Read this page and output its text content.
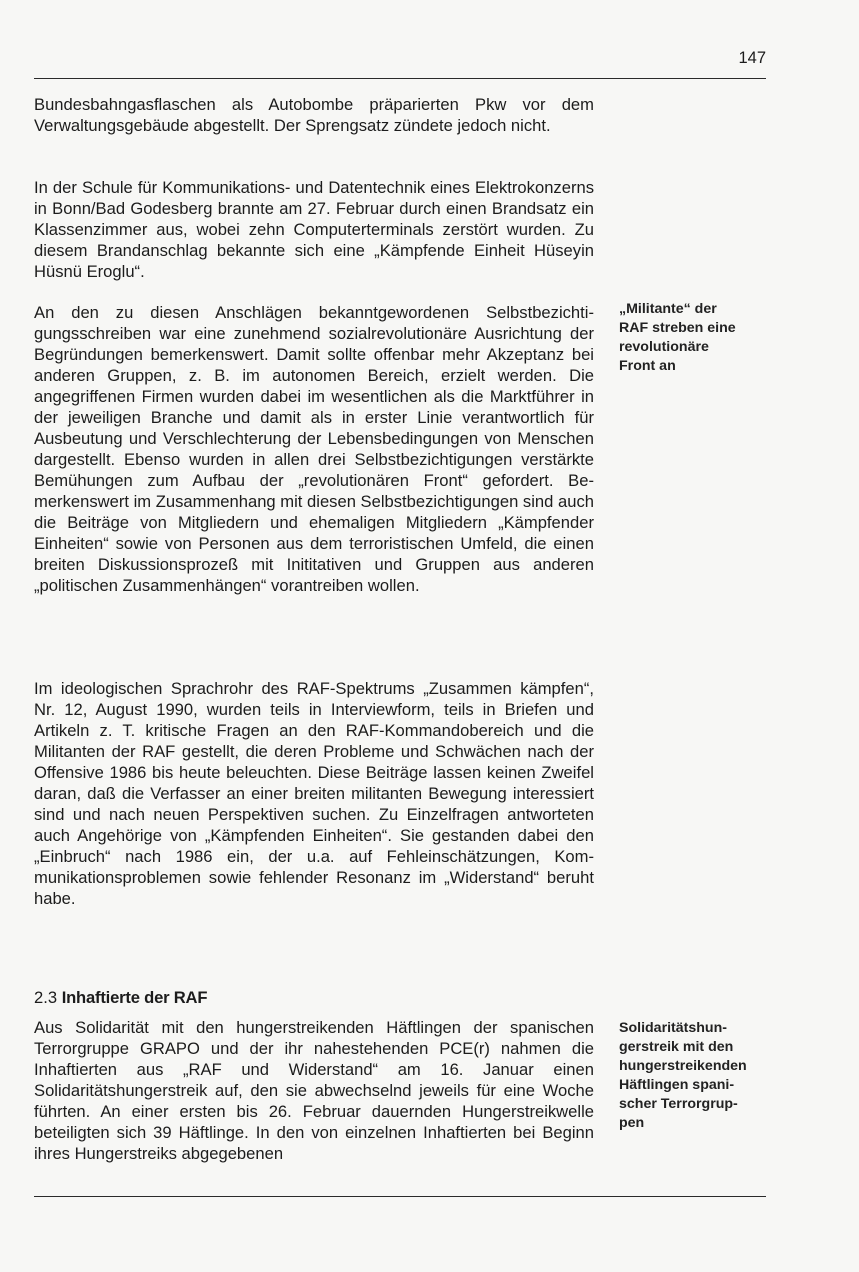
147

Bundesbahngasflaschen als Autobombe präparierten Pkw vor dem Verwaltungsgebäude abgestellt. Der Sprengsatz zündete jedoch nicht.

In der Schule für Kommunikations- und Datentechnik eines Elektrokonzerns in Bonn/Bad Godesberg brannte am 27. Februar durch einen Brandsatz ein Klassenzimmer aus, wobei zehn Computerterminals zerstört wurden. Zu diesem Brandanschlag bekannte sich eine „Kämpfende Einheit Hüseyin Hüsnü Eroglu“.

An den zu diesen Anschlägen bekanntgewordenen Selbstbezichtigungsschreiben war eine zunehmend sozialrevolutionäre Ausrichtung der Begründungen bemerkenswert. Damit sollte offenbar mehr Akzeptanz bei anderen Gruppen, z. B. im autonomen Bereich, erzielt werden. Die angegriffenen Firmen wurden dabei im wesentlichen als die Marktführer in der jeweiligen Branche und damit als in erster Linie verantwortlich für Ausbeutung und Verschlechterung der Lebensbedingungen von Menschen dargestellt. Ebenso wurden in allen drei Selbstbezichtigungen verstärkte Bemühungen zum Aufbau der „revolutionären Front“ gefordert. Bemerkenswert im Zusammenhang mit diesen Selbstbezichtigungen sind auch die Beiträge von Mitgliedern und ehemaligen Mitgliedern „Kämpfender Einheiten“ sowie von Personen aus dem terroristischen Umfeld, die einen breiten Diskussionsprozeß mit Inititativen und Gruppen aus anderen „politischen Zusammenhängen“ vorantreiben wollen.

„Militante“ der
RAF streben eine
revolutionäre
Front an

Im ideologischen Sprachrohr des RAF-Spektrums „Zusammen kämpfen“, Nr. 12, August 1990, wurden teils in Interviewform, teils in Briefen und Artikeln z. T. kritische Fragen an den RAF-Kommandobereich und die Militanten der RAF gestellt, die deren Probleme und Schwächen nach der Offensive 1986 bis heute beleuchten. Diese Beiträge lassen keinen Zweifel daran, daß die Verfasser an einer breiten militanten Bewegung interessiert sind und nach neuen Perspektiven suchen. Zu Einzelfragen antworteten auch Angehörige von „Kämpfenden Einheiten“. Sie gestanden dabei den „Einbruch“ nach 1986 ein, der u.a. auf Fehleinschätzungen, Kommunikationsproblemen sowie fehlender Resonanz im „Widerstand“ beruht habe.

2.3 Inhaftierte der RAF

Aus Solidarität mit den hungerstreikenden Häftlingen der spanischen Terrorgruppe GRAPO und der ihr nahestehenden PCE(r) nahmen die Inhaftierten aus „RAF und Widerstand“ am 16. Januar einen Solidaritätshungerstreik auf, den sie abwechselnd jeweils für eine Woche führten. An einer ersten bis 26. Februar dauernden Hungerstreikwelle beteiligten sich 39 Häftlinge. In den von einzelnen Inhaftierten bei Beginn ihres Hungerstreiks abgegebenen

Solidaritätshun-
gerstreik mit den
hungerstreikenden
Häftlingen spani-
scher Terrorgrup-
pen
